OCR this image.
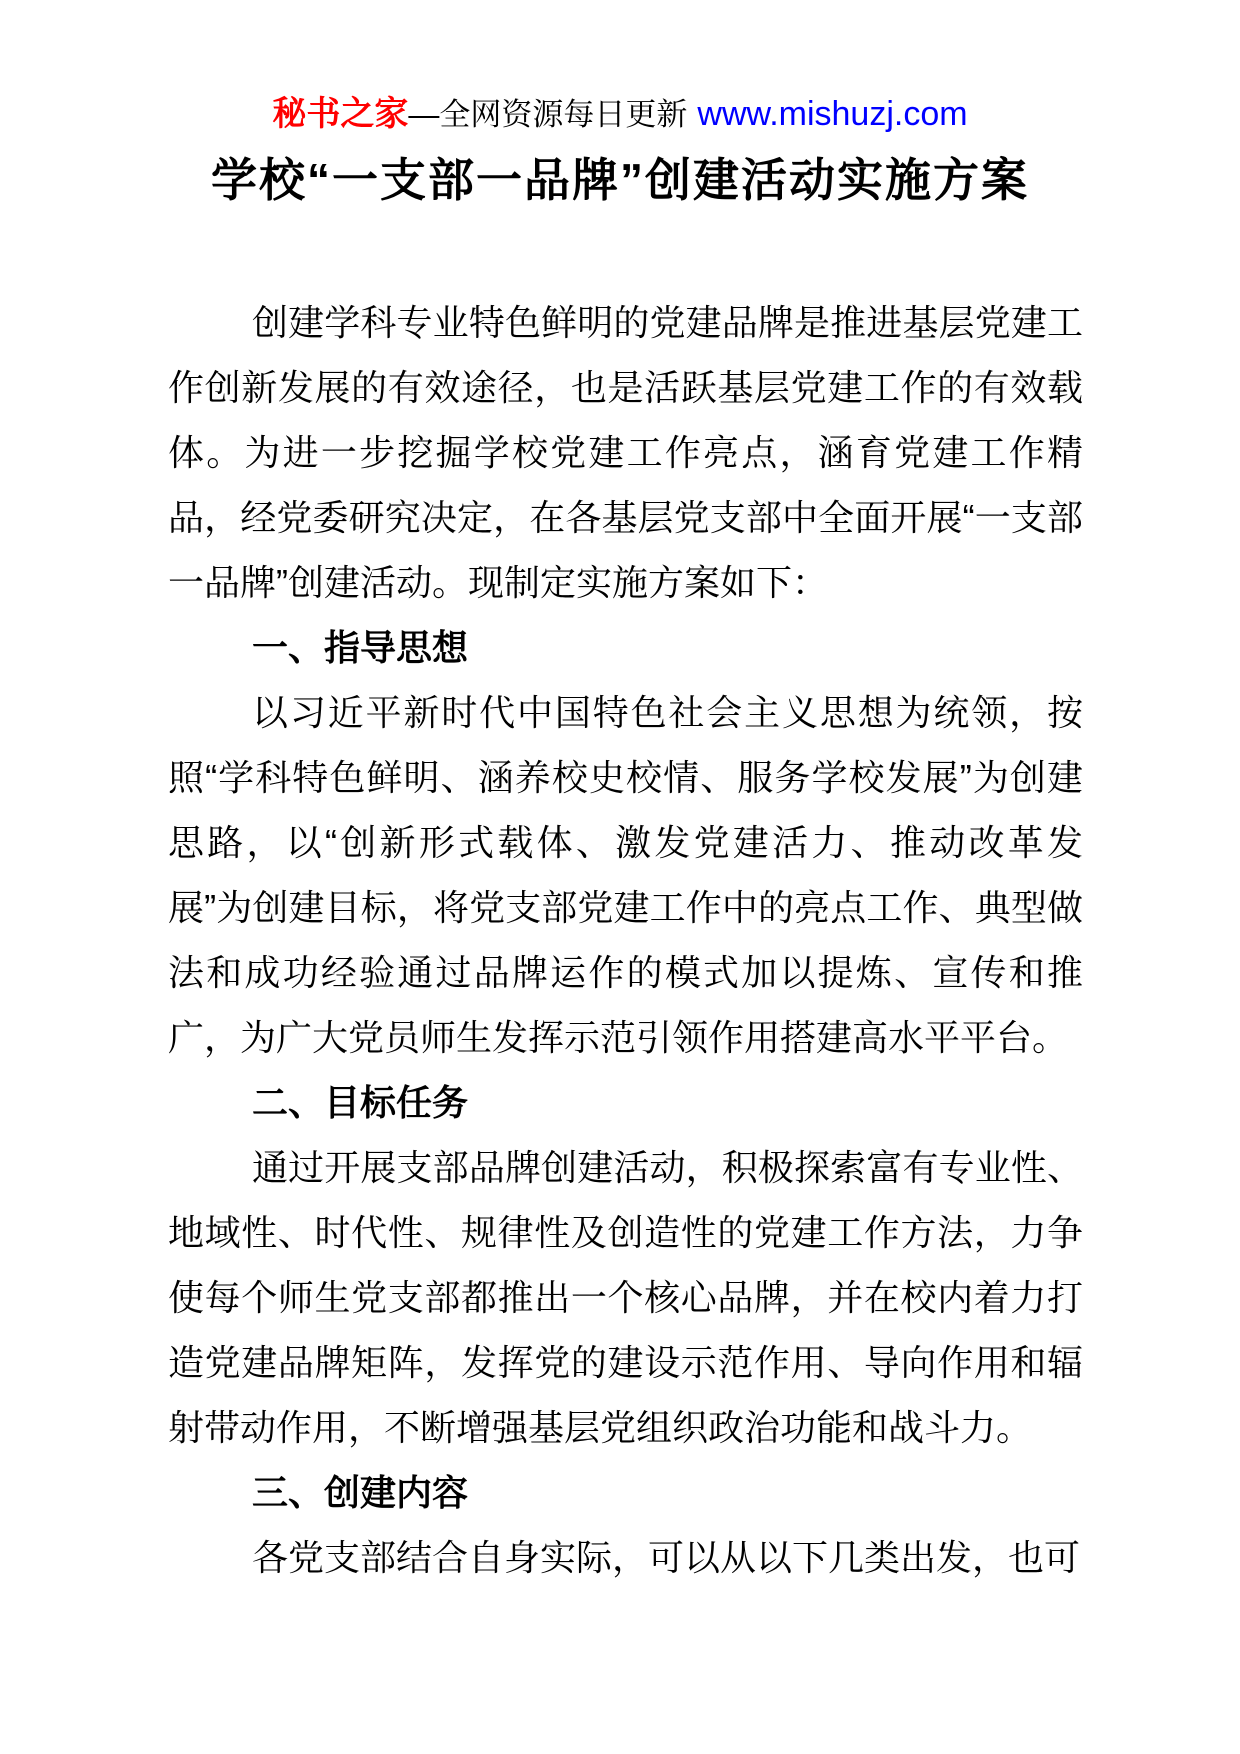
秘书之家—全网资源每日更新 www.mishuzj.com
学校“一支部一品牌”创建活动实施方案

创建学科专业特色鲜明的党建品牌是推进基层党建工作创新发展的有效途径，也是活跃基层党建工作的有效载体。为进一步挖掘学校党建工作亮点，涵育党建工作精品，经党委研究决定，在各基层党支部中全面开展“一支部一品牌”创建活动。现制定实施方案如下：

一、指导思想

以习近平新时代中国特色社会主义思想为统领，按照“学科特色鲜明、涵养校史校情、服务学校发展”为创建思路，以“创新形式载体、激发党建活力、推动改革发展”为创建目标，将党支部党建工作中的亮点工作、典型做法和成功经验通过品牌运作的模式加以提炼、宣传和推广，为广大党员师生发挥示范引领作用搭建高水平平台。

二、目标任务

通过开展支部品牌创建活动，积极探索富有专业性、地域性、时代性、规律性及创造性的党建工作方法，力争使每个师生党支部都推出一个核心品牌，并在校内着力打造党建品牌矩阵，发挥党的建设示范作用、导向作用和辐射带动作用，不断增强基层党组织政治功能和战斗力。

三、创建内容

各党支部结合自身实际，可以从以下几类出发，也可
